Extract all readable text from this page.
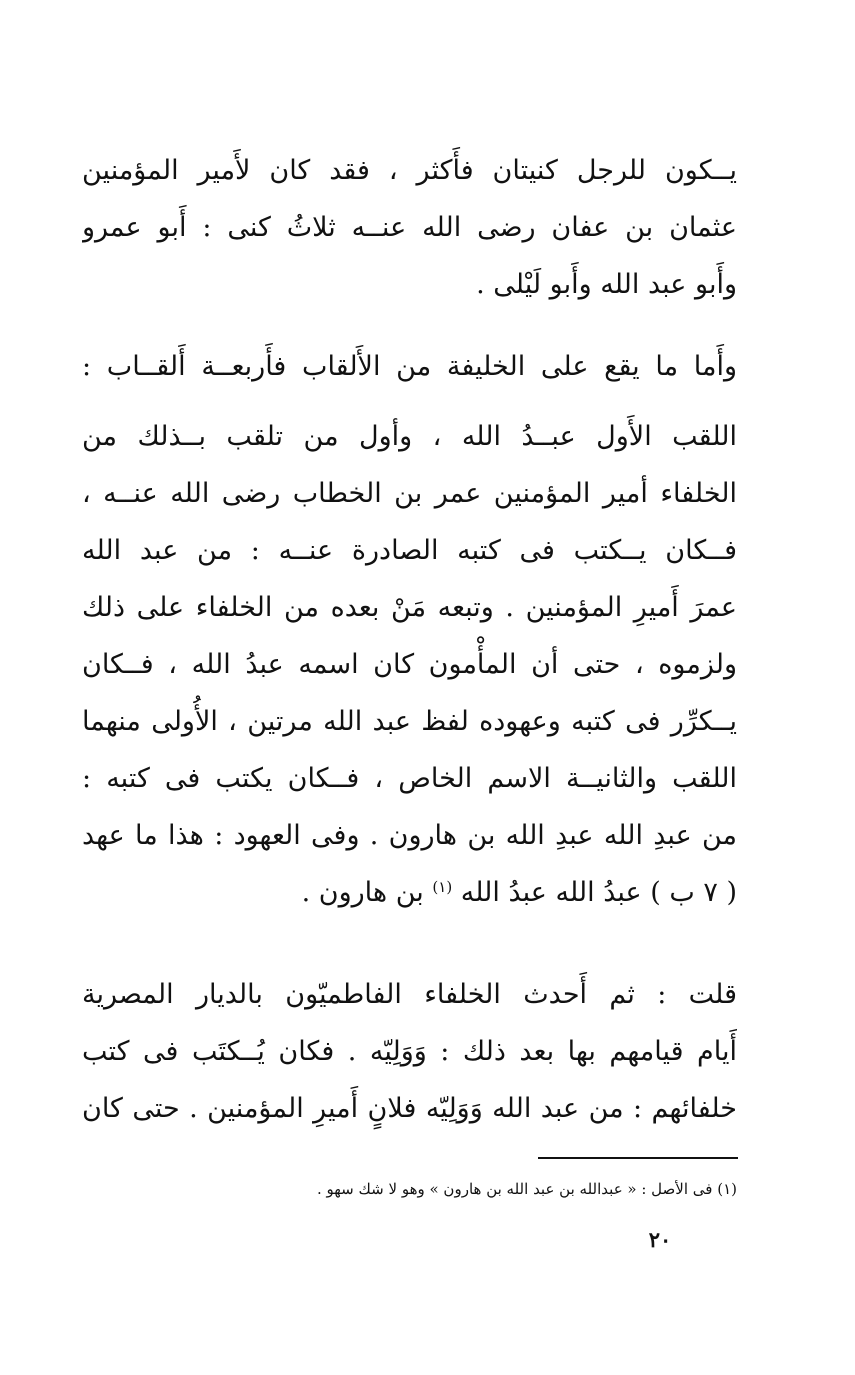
يــكون للرجل كنيتان فأَكثر ، فقد كان لأَمير المؤمنين
عثمان بن عفان رضى الله عنــه ثلاثُ كنى : أَبو عمرو
وأَبو عبد الله وأَبو لَيْلى .
وأَما ما يقع على الخليفة من الأَلقاب فأَربعــة أَلقــاب :
اللقب الأَول عبــدُ الله ، وأول من تلقب بــذلك من
الخلفاء أمير المؤمنين عمر بن الخطاب رضى الله عنــه ،
فــكان يــكتب فى كتبه الصادرة عنــه : من عبد الله
عمرَ أَميرِ المؤمنين . وتبعه مَنْ بعده من الخلفاء على ذلك
ولزموه ، حتى أن المأْمون كان اسمه عبدُ الله ، فــكان
يــكرِّر فى كتبه وعهوده لفظ عبد الله مرتين ، الأُولى منهما
اللقب والثانيــة الاسم الخاص ، فــكان يكتب فى كتبه :
من عبدِ الله عبدِ الله بن هارون . وفى العهود : هذا ما عهد
( ٧ ب ) عبدُ الله عبدُ الله $^{(١)}$ بن هارون .
قلت : ثم أَحدث الخلفاء الفاطميّون بالديار المصرية
أَيام قيامهم بها بعد ذلك : وَوَلِيّه . فكان يُــكتَب فى كتب
خلفائهم : من عبد الله وَوَلِيّه فلانٍ أَميرِ المؤمنين . حتى كان
(١) فى الأصل : « عبدالله بن عبد الله بن هارون » وهو لا شك سهو .
٢٠
